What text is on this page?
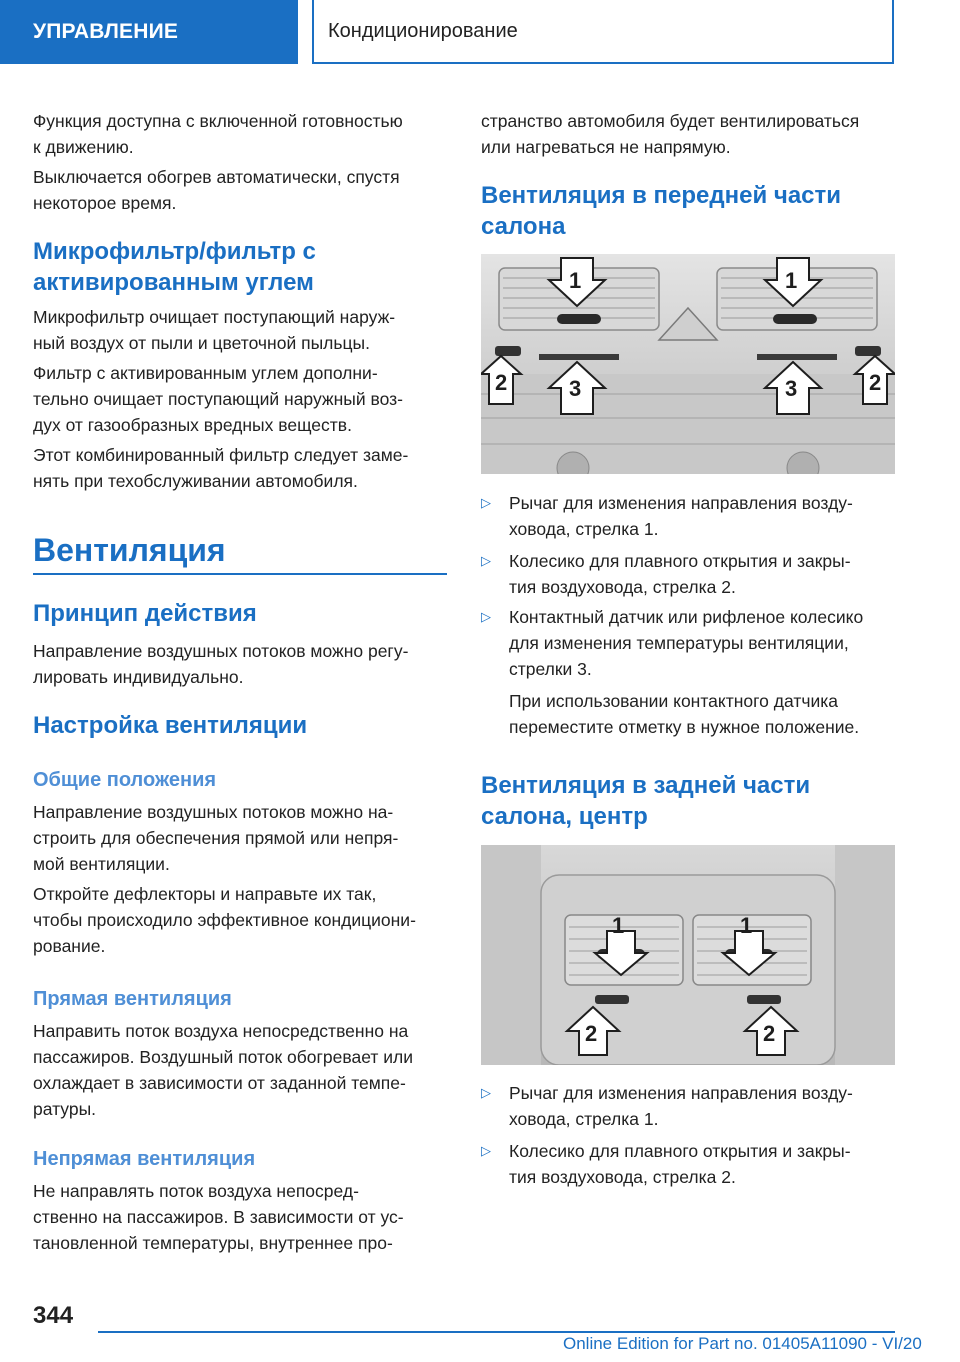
УПРАВЛЕНИЕ	Кондиционирование
Функция доступна с включенной готовностью
к движению.
Выключается обогрев автоматически, спустя
некоторое время.
Микрофильтр/фильтр с
активированным углем
Микрофильтр очищает поступающий наруж-
ный воздух от пыли и цветочной пыльцы.
Фильтр с активированным углем дополни-
тельно очищает поступающий наружный воз-
дух от газообразных вредных веществ.
Этот комбинированный фильтр следует заме-
нять при техобслуживании автомобиля.
Вентиляция
Принцип действия
Направление воздушных потоков можно регу-
лировать индивидуально.
Настройка вентиляции
Общие положения
Направление воздушных потоков можно на-
строить для обеспечения прямой или непря-
мой вентиляции.
Откройте дефлекторы и направьте их так,
чтобы происходило эффективное кондициони-
рование.
Прямая вентиляция
Направить поток воздуха непосредственно на
пассажиров. Воздушный поток обогревает или
охлаждает в зависимости от заданной темпе-
ратуры.
Непрямая вентиляция
Не направлять поток воздуха непосред-
ственно на пассажиров. В зависимости от ус-
тановленной температуры, внутреннее про-
странство автомобиля будет вентилироваться
или нагреваться не напрямую.
Вентиляция в передней части
салона
1	1
2	3	3	2
▷	Рычаг для изменения направления возду-
ховода, стрелка 1.
▷	Колесико для плавного открытия и закры-
тия воздуховода, стрелка 2.
▷	Контактный датчик или рифленое колесико
для изменения температуры вентиляции,
стрелки 3.
При использовании контактного датчика
переместите отметку в нужное положение.
Вентиляция в задней части
салона, центр
1	1
2	2
▷	Рычаг для изменения направления возду-
ховода, стрелка 1.
▷	Колесико для плавного открытия и закры-
тия воздуховода, стрелка 2.
344
Online Edition for Part no. 01405A11090 - VI/20
